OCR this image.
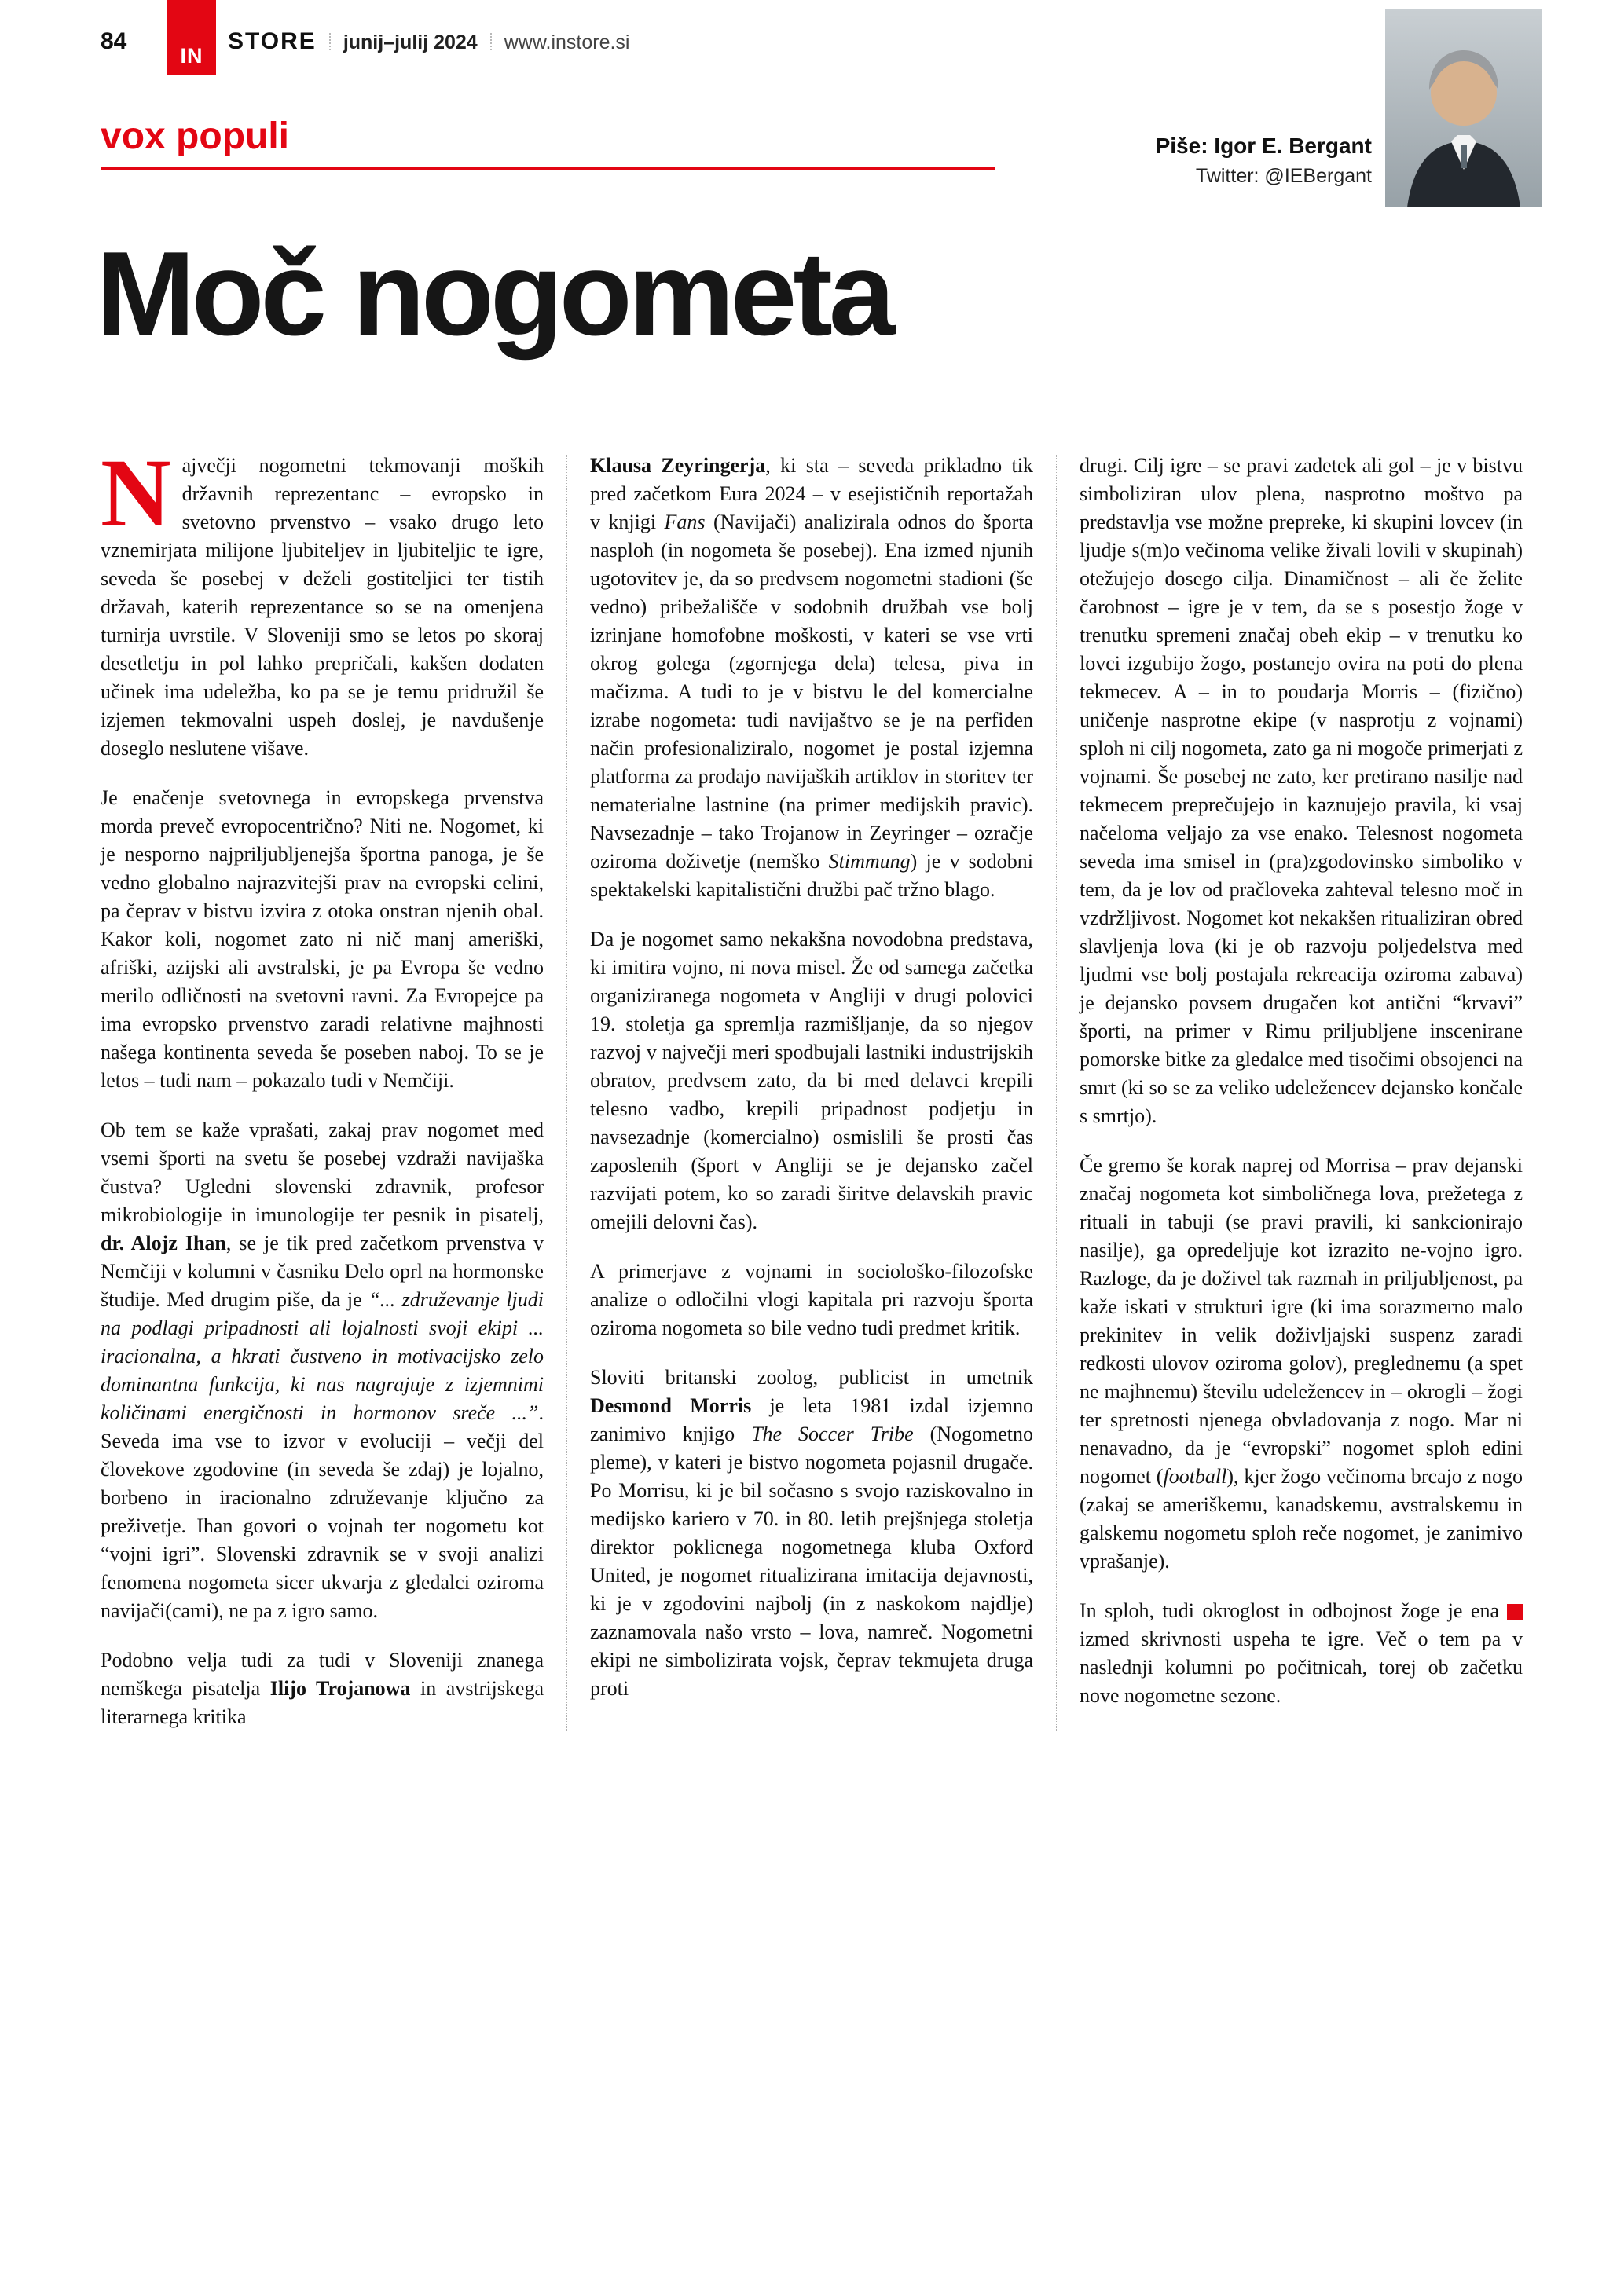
84
IN
STORE junij–julij 2024 www.instore.si
vox populi	Piše: Igor E. Bergant
Twitter: @IEBergant
Moč nogometa

Največji nogometni tekmovanji moških državnih reprezentanc – evropsko in svetovno prvenstvo – vsako drugo leto vznemirjata milijone ljubiteljev in ljubiteljic te igre, seveda še posebej v deželi gostiteljici ter tistih državah, katerih reprezentance so se na omenjena turnirja uvrstile. V Sloveniji smo se letos po skoraj desetletju in pol lahko prepričali, kakšen dodaten učinek ima udeležba, ko pa se je temu pridružil še izjemen tekmovalni uspeh doslej, je navdušenje doseglo neslutene višave.

Je enačenje svetovnega in evropskega prvenstva morda preveč evropocentrično? Niti ne. Nogomet, ki je nesporno najpriljubljenejša športna panoga, je še vedno globalno najrazvitejši prav na evropski celini, pa čeprav v bistvu izvira z otoka onstran njenih obal. Kakor koli, nogomet zato ni nič manj ameriški, afriški, azijski ali avstralski, je pa Evropa še vedno merilo odličnosti na svetovni ravni. Za Evropejce pa ima evropsko prvenstvo zaradi relativne majhnosti našega kontinenta seveda še poseben naboj. To se je letos – tudi nam – pokazalo tudi v Nemčiji.

Ob tem se kaže vprašati, zakaj prav nogomet med vsemi športi na svetu še posebej vzdraži navijaška čustva? Ugledni slovenski zdravnik, profesor mikrobiologije in imunologije ter pesnik in pisatelj, dr. Alojz Ihan, se je tik pred začetkom prvenstva v Nemčiji v kolumni v časniku Delo oprl na hormonske študije. Med drugim piše, da je “... združevanje ljudi na podlagi pripadnosti ali lojalnosti svoji ekipi ... iracionalna, a hkrati čustveno in motivacijsko zelo dominantna funkcija, ki nas nagrajuje z izjemnimi količinami energičnosti in hormonov sreče ...”. Seveda ima vse to izvor v evoluciji – večji del človekove zgodovine (in seveda še zdaj) je lojalno, borbeno in iracionalno združevanje ključno za preživetje. Ihan govori o vojnah ter nogometu kot “vojni igri”. Slovenski zdravnik se v svoji analizi fenomena nogometa sicer ukvarja z gledalci oziroma navijači(cami), ne pa z igro samo.

Podobno velja tudi za tudi v Sloveniji znanega nemškega pisatelja Ilijo Trojanowa in avstrijskega literarnega kritika

Klausa Zeyringerja, ki sta – seveda prikladno tik pred začetkom Eura 2024 – v esejističnih reportažah v knjigi Fans (Navijači) analizirala odnos do športa nasploh (in nogometa še posebej). Ena izmed njunih ugotovitev je, da so predvsem nogometni stadioni (še vedno) pribežališče v sodobnih družbah vse bolj izrinjane homofobne moškosti, v kateri se vse vrti okrog golega (zgornjega dela) telesa, piva in mačizma. A tudi to je v bistvu le del komercialne izrabe nogometa: tudi navijaštvo se je na perfiden način profesionaliziralo, nogomet je postal izjemna platforma za prodajo navijaških artiklov in storitev ter nematerialne lastnine (na primer medijskih pravic). Navsezadnje – tako Trojanow in Zeyringer – ozračje oziroma doživetje (nemško Stimmung) je v sodobni spektakelski kapitalistični družbi pač tržno blago.

Da je nogomet samo nekakšna novodobna predstava, ki imitira vojno, ni nova misel. Že od samega začetka organiziranega nogometa v Angliji v drugi polovici 19. stoletja ga spremlja razmišljanje, da so njegov razvoj v največji meri spodbujali lastniki industrijskih obratov, predvsem zato, da bi med delavci krepili telesno vadbo, krepili pripadnost podjetju in navsezadnje (komercialno) osmislili še prosti čas zaposlenih (šport v Angliji se je dejansko začel razvijati potem, ko so zaradi širitve delavskih pravic omejili delovni čas).

A primerjave z vojnami in sociološko-filozofske analize o odločilni vlogi kapitala pri razvoju športa oziroma nogometa so bile vedno tudi predmet kritik.

Sloviti britanski zoolog, publicist in umetnik Desmond Morris je leta 1981 izdal izjemno zanimivo knjigo The Soccer Tribe (Nogometno pleme), v kateri je bistvo nogometa pojasnil drugače. Po Morrisu, ki je bil sočasno s svojo raziskovalno in medijsko kariero v 70. in 80. letih prejšnjega stoletja direktor poklicnega nogometnega kluba Oxford United, je nogomet ritualizirana imitacija dejavnosti, ki je v zgodovini najbolj (in z naskokom najdlje) zaznamovala našo vrsto – lova, namreč. Nogometni ekipi ne simbolizirata vojsk, čeprav tekmujeta druga proti

drugi. Cilj igre – se pravi zadetek ali gol – je v bistvu simboliziran ulov plena, nasprotno moštvo pa predstavlja vse možne prepreke, ki skupini lovcev (in ljudje s(m)o večinoma velike živali lovili v skupinah) otežujejo dosego cilja. Dinamičnost – ali če želite čarobnost – igre je v tem, da se s posestjo žoge v trenutku spremeni značaj obeh ekip – v trenutku ko lovci izgubijo žogo, postanejo ovira na poti do plena tekmecev. A – in to poudarja Morris – (fizično) uničenje nasprotne ekipe (v nasprotju z vojnami) sploh ni cilj nogometa, zato ga ni mogoče primerjati z vojnami. Še posebej ne zato, ker pretirano nasilje nad tekmecem preprečujejo in kaznujejo pravila, ki vsaj načeloma veljajo za vse enako. Telesnost nogometa seveda ima smisel in (pra)zgodovinsko simboliko v tem, da je lov od pračloveka zahteval telesno moč in vzdržljivost. Nogomet kot nekakšen ritualiziran obred slavljenja lova (ki je ob razvoju poljedelstva med ljudmi vse bolj postajala rekreacija oziroma zabava) je dejansko povsem drugačen kot antični “krvavi” športi, na primer v Rimu priljubljene inscenirane pomorske bitke za gledalce med tisočimi obsojenci na smrt (ki so se za veliko udeležencev dejansko končale s smrtjo).

Če gremo še korak naprej od Morrisa – prav dejanski značaj nogometa kot simboličnega lova, prežetega z rituali in tabuji (se pravi pravili, ki sankcionirajo nasilje), ga opredeljuje kot izrazito ne-vojno igro. Razloge, da je doživel tak razmah in priljubljenost, pa kaže iskati v strukturi igre (ki ima sorazmerno malo prekinitev in velik doživljajski suspenz zaradi redkosti ulovov oziroma golov), preglednemu (a spet ne majhnemu) številu udeležencev in – okrogli – žogi ter spretnosti njenega obvladovanja z nogo. Mar ni nenavadno, da je “evropski” nogomet sploh edini nogomet (football), kjer žogo večinoma brcajo z nogo (zakaj se ameriškemu, kanadskemu, avstralskemu in galskemu nogometu sploh reče nogomet, je zanimivo vprašanje).

In sploh, tudi okroglost in odbojnost žoge je ena izmed skrivnosti uspeha te igre. Več o tem pa v naslednji kolumni po počitnicah, torej ob začetku nove nogometne sezone.
